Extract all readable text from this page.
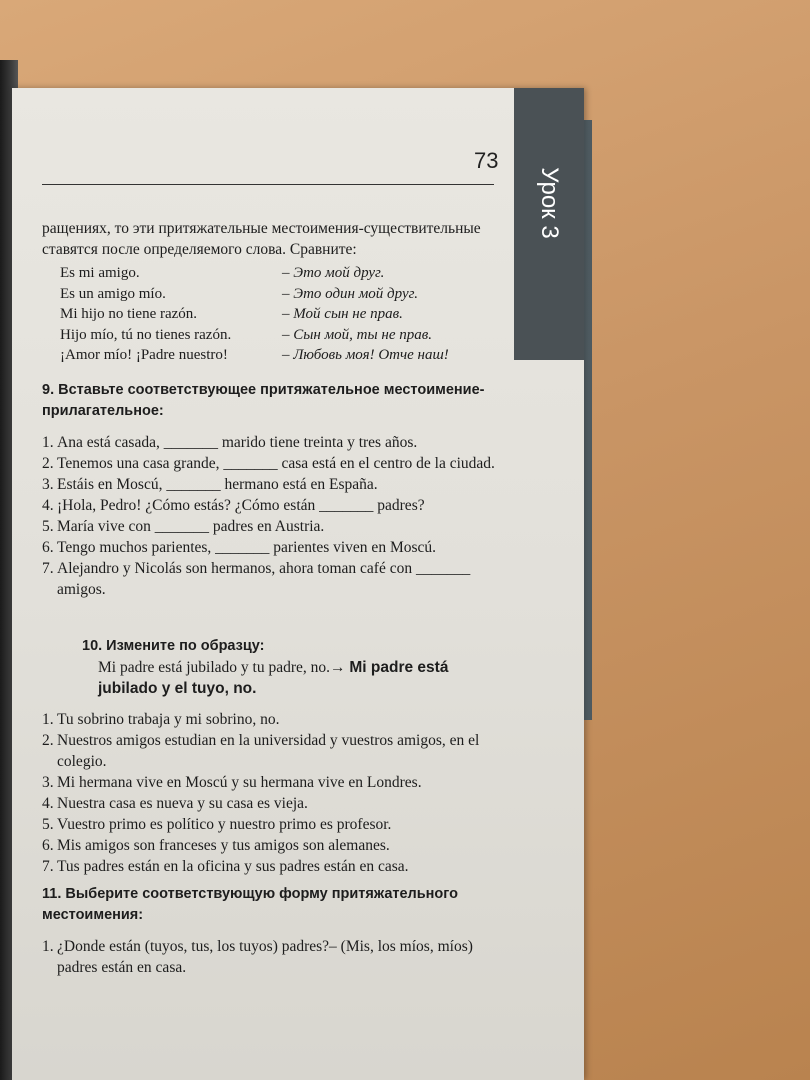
Урок 3
73
ращениях, то эти притяжательные местоимения-существительные ставятся после определяемого слова. Сравните:
Es mi amigo.	– Это мой друг.
Es un amigo mío.	– Это один мой друг.
Mi hijo no tiene razón.	– Мой сын не прав.
Hijo mío, tú no tienes razón.	– Сын мой, ты не прав.
¡Amor mío! ¡Padre nuestro!	– Любовь моя! Отче наш!
9. Вставьте соответствующее притяжательное местоимение-прилагательное:
1. Ana está casada, _______ marido tiene treinta y tres años.
2. Tenemos una casa grande, _______ casa está en el centro de la ciudad.
3. Estáis en Moscú, _______ hermano está en España.
4. ¡Hola, Pedro! ¿Cómo estás? ¿Cómo están _______ padres?
5. María vive con _______ padres en Austria.
6. Tengo muchos parientes, _______ parientes viven en Moscú.
7. Alejandro y Nicolás son hermanos, ahora toman café con _______ amigos.
10. Измените по образцу:
Mi padre está jubilado y tu padre, no.→ Mi padre está jubilado y el tuyo, no.
1. Tu sobrino trabaja y mi sobrino, no.
2. Nuestros amigos estudian en la universidad y vuestros amigos, en el colegio.
3. Mi hermana vive en Moscú y su hermana vive en Londres.
4. Nuestra casa es nueva y su casa es vieja.
5. Vuestro primo es político y nuestro primo es profesor.
6. Mis amigos son franceses y tus amigos son alemanes.
7. Tus padres están en la oficina y sus padres están en casa.
11. Выберите соответствующую форму притяжательного местоимения:
1. ¿Donde están (tuyos, tus, los tuyos) padres?– (Mis, los míos, míos) padres están en casa.
